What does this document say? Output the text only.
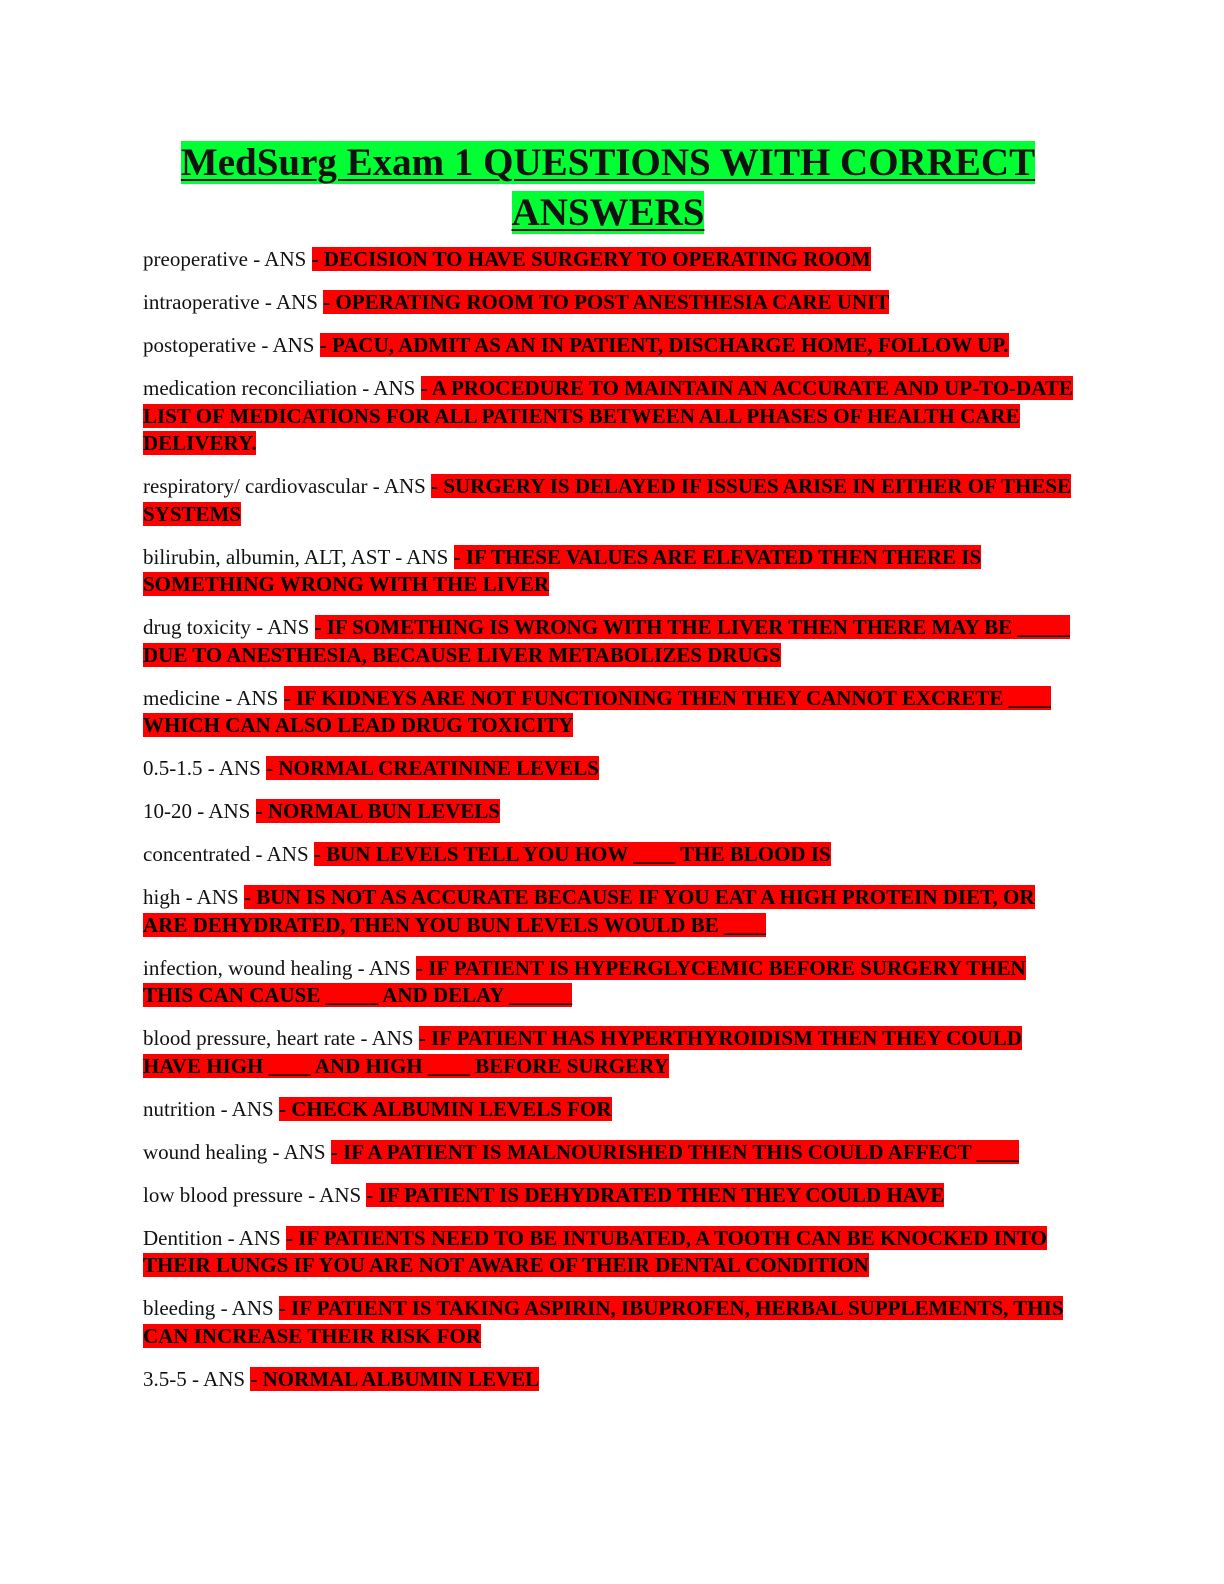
MedSurg Exam 1 QUESTIONS WITH CORRECT ANSWERS
preoperative - ANS - DECISION TO HAVE SURGERY TO OPERATING ROOM
intraoperative - ANS - OPERATING ROOM TO POST ANESTHESIA CARE UNIT
postoperative - ANS - PACU, ADMIT AS AN IN PATIENT, DISCHARGE HOME, FOLLOW UP.
medication reconciliation - ANS - A PROCEDURE TO MAINTAIN AN ACCURATE AND UP-TO-DATE LIST OF MEDICATIONS FOR ALL PATIENTS BETWEEN ALL PHASES OF HEALTH CARE DELIVERY.
respiratory/ cardiovascular - ANS - SURGERY IS DELAYED IF ISSUES ARISE IN EITHER OF THESE SYSTEMS
bilirubin, albumin, ALT, AST - ANS - IF THESE VALUES ARE ELEVATED THEN THERE IS SOMETHING WRONG WITH THE LIVER
drug toxicity - ANS - IF SOMETHING IS WRONG WITH THE LIVER THEN THERE MAY BE _____ DUE TO ANESTHESIA, BECAUSE LIVER METABOLIZES DRUGS
medicine - ANS - IF KIDNEYS ARE NOT FUNCTIONING THEN THEY CANNOT EXCRETE ____ WHICH CAN ALSO LEAD DRUG TOXICITY
0.5-1.5 - ANS - NORMAL CREATININE LEVELS
10-20 - ANS - NORMAL BUN LEVELS
concentrated - ANS - BUN LEVELS TELL YOU HOW ____ THE BLOOD IS
high - ANS - BUN IS NOT AS ACCURATE BECAUSE IF YOU EAT A HIGH PROTEIN DIET, OR ARE DEHYDRATED, THEN YOU BUN LEVELS WOULD BE ____
infection, wound healing - ANS - IF PATIENT IS HYPERGLYCEMIC BEFORE SURGERY THEN THIS CAN CAUSE _____ AND DELAY ______
blood pressure, heart rate - ANS - IF PATIENT HAS HYPERTHYROIDISM THEN THEY COULD HAVE HIGH ____ AND HIGH ____ BEFORE SURGERY
nutrition - ANS - CHECK ALBUMIN LEVELS FOR
wound healing - ANS - IF A PATIENT IS MALNOURISHED THEN THIS COULD AFFECT ____
low blood pressure - ANS - IF PATIENT IS DEHYDRATED THEN THEY COULD HAVE
Dentition - ANS - IF PATIENTS NEED TO BE INTUBATED, A TOOTH CAN BE KNOCKED INTO THEIR LUNGS IF YOU ARE NOT AWARE OF THEIR DENTAL CONDITION
bleeding - ANS - IF PATIENT IS TAKING ASPIRIN, IBUPROFEN, HERBAL SUPPLEMENTS, THIS CAN INCREASE THEIR RISK FOR
3.5-5 - ANS - NORMAL ALBUMIN LEVEL
